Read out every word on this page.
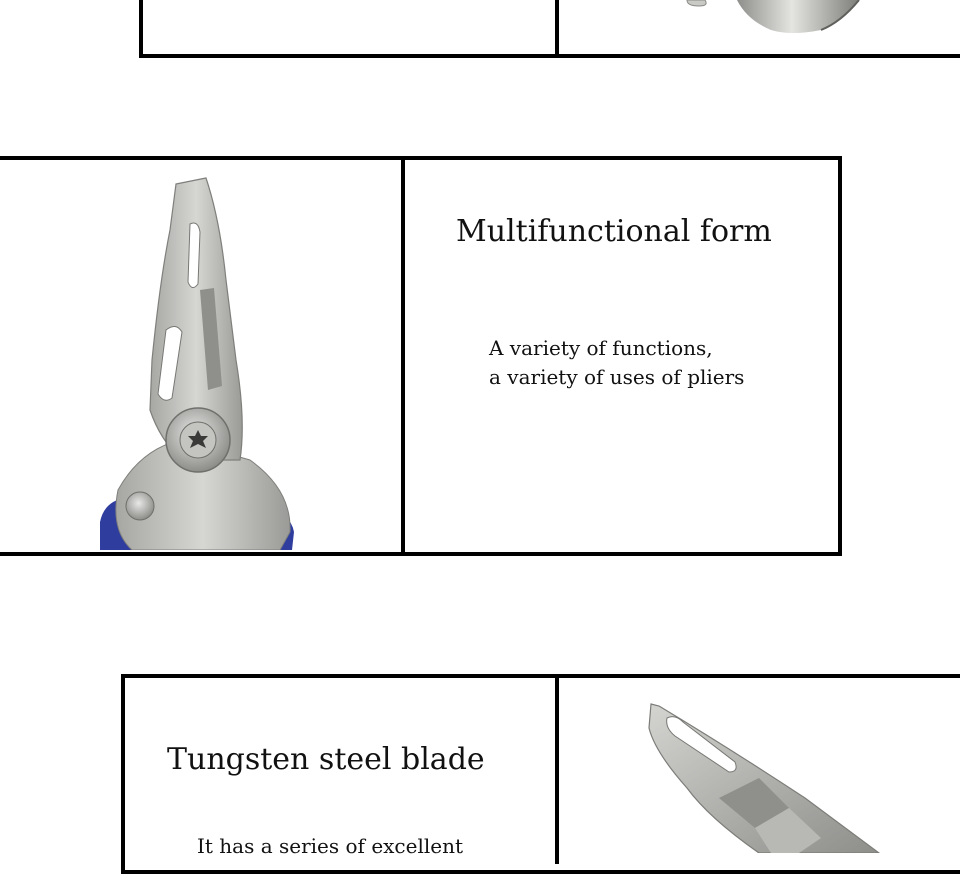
Multifunctional form
A variety of functions,
a variety of uses of pliers
Tungsten steel blade
It has a series of excellent
